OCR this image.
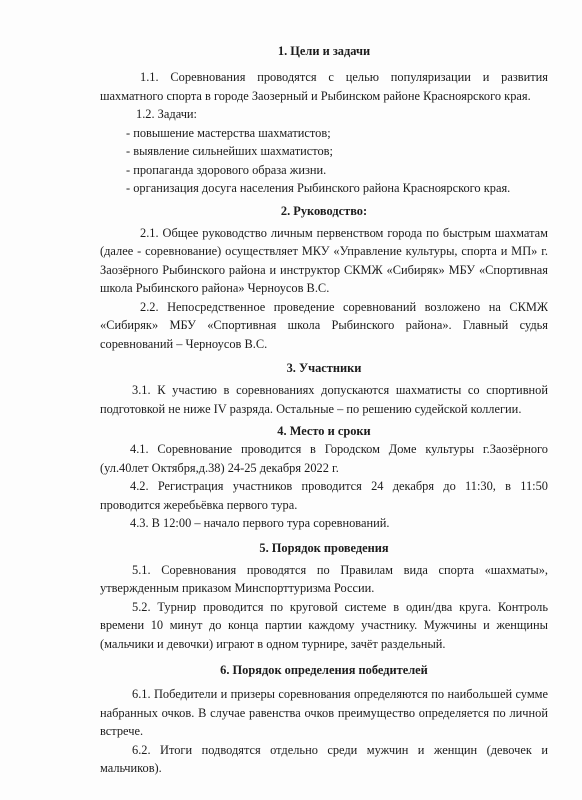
1. Цели и задачи

1.1. Соревнования проводятся с целью популяризации и развития шахматного спорта в городе Заозерный и Рыбинском районе Красноярского края.

1.2. Задачи:

- повышение мастерства шахматистов;

- выявление сильнейших шахматистов;

- пропаганда здорового образа жизни.

- организация досуга населения Рыбинского района Красноярского края.

2. Руководство:

2.1. Общее руководство личным первенством города по быстрым шахматам (далее - соревнование) осуществляет МКУ «Управление культуры, спорта и МП» г. Заозёрного Рыбинского района и инструктор СКМЖ «Сибиряк» МБУ «Спортивная школа Рыбинского района» Черноусов В.С.

2.2. Непосредственное проведение соревнований возложено на СКМЖ «Сибиряк» МБУ «Спортивная школа Рыбинского района». Главный судья соревнований – Черноусов В.С.

3. Участники

3.1. К участию в соревнованиях допускаются шахматисты со спортивной подготовкой не ниже IV разряда. Остальные – по решению судейской коллегии.

4. Место и сроки

4.1. Соревнование проводится в Городском Доме культуры г.Заозёрного (ул.40лет Октября,д.38) 24-25 декабря 2022 г.

4.2. Регистрация участников проводится 24 декабря до 11:30, в 11:50 проводится жеребьёвка первого тура.

4.3. В 12:00 – начало первого тура соревнований.

5. Порядок проведения

5.1. Соревнования проводятся по Правилам вида спорта «шахматы», утвержденным приказом Минспорттуризма России.

5.2. Турнир проводится по круговой системе в один/два круга. Контроль времени 10 минут до конца партии каждому участнику. Мужчины и женщины (мальчики и девочки) играют в одном турнире, зачёт раздельный.

6. Порядок определения победителей

6.1. Победители и призеры соревнования определяются по наибольшей сумме набранных очков. В случае равенства очков преимущество определяется по личной встрече.

6.2. Итоги подводятся отдельно среди мужчин и женщин (девочек и мальчиков).
